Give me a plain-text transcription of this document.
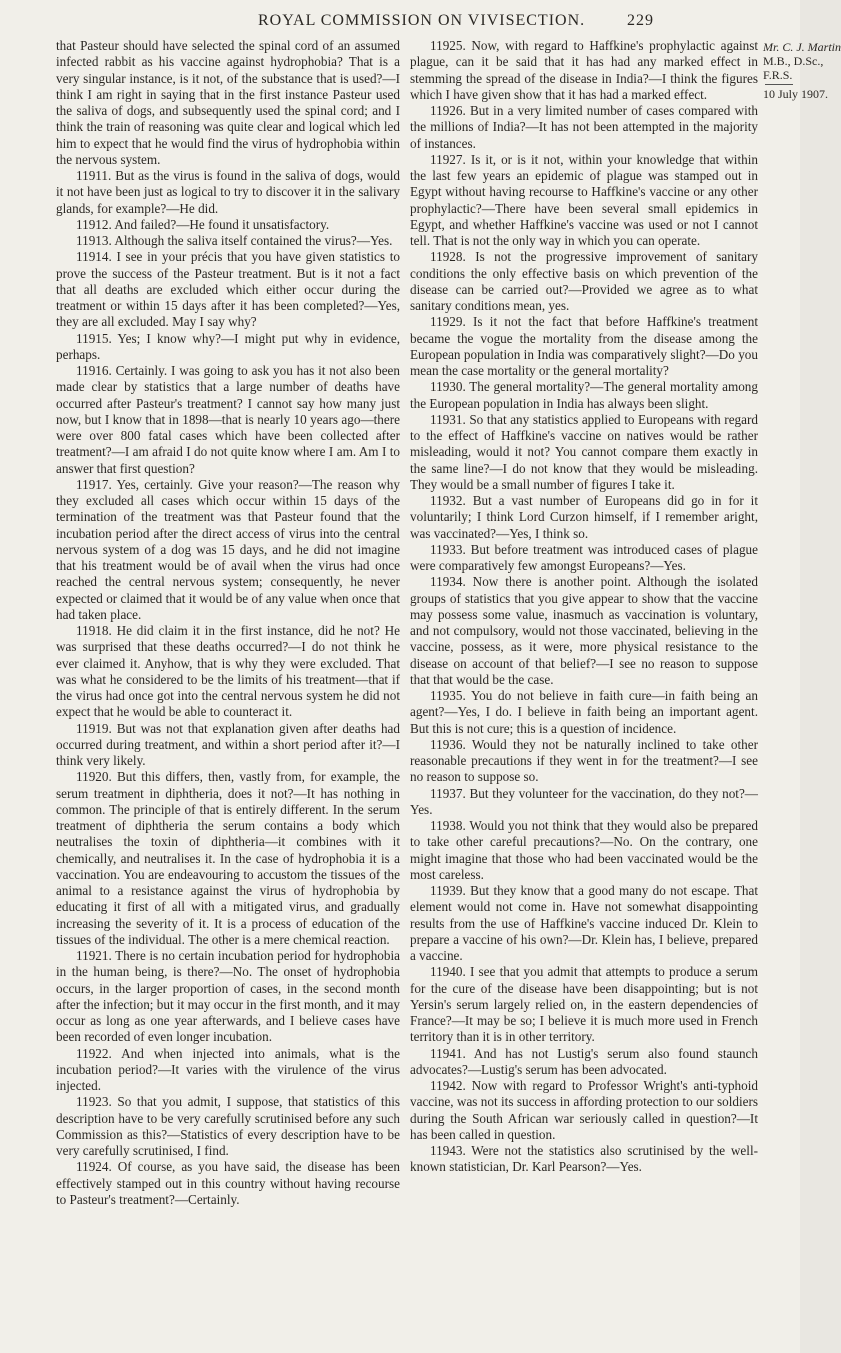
ROYAL COMMISSION ON VIVISECTION.	229

that Pasteur should have selected the spinal cord of an assumed infected rabbit as his vaccine against hydrophobia? That is a very singular instance, is it not, of the substance that is used?—I think I am right in saying that in the first instance Pasteur used the saliva of dogs, and subsequently used the spinal cord; and I think the train of reasoning was quite clear and logical which led him to expect that he would find the virus of hydrophobia within the nervous system.

11911. But as the virus is found in the saliva of dogs, would it not have been just as logical to try to discover it in the salivary glands, for example?—He did.

11912. And failed?—He found it unsatisfactory.

11913. Although the saliva itself contained the virus?—Yes.

11914. I see in your précis that you have given statistics to prove the success of the Pasteur treatment. But is it not a fact that all deaths are excluded which either occur during the treatment or within 15 days after it has been completed?—Yes, they are all excluded. May I say why?

11915. Yes; I know why?—I might put why in evidence, perhaps.

11916. Certainly. I was going to ask you has it not also been made clear by statistics that a large number of deaths have occurred after Pasteur's treatment? I cannot say how many just now, but I know that in 1898—that is nearly 10 years ago—there were over 800 fatal cases which have been collected after treatment?—I am afraid I do not quite know where I am. Am I to answer that first question?

11917. Yes, certainly. Give your reason?—The reason why they excluded all cases which occur within 15 days of the termination of the treatment was that Pasteur found that the incubation period after the direct access of virus into the central nervous system of a dog was 15 days, and he did not imagine that his treatment would be of avail when the virus had once reached the central nervous system; consequently, he never expected or claimed that it would be of any value when once that had taken place.

11918. He did claim it in the first instance, did he not? He was surprised that these deaths occurred?—I do not think he ever claimed it. Anyhow, that is why they were excluded. That was what he considered to be the limits of his treatment—that if the virus had once got into the central nervous system he did not expect that he would be able to counteract it.

11919. But was not that explanation given after deaths had occurred during treatment, and within a short period after it?—I think very likely.

11920. But this differs, then, vastly from, for example, the serum treatment in diphtheria, does it not?—It has nothing in common. The principle of that is entirely different. In the serum treatment of diphtheria the serum contains a body which neutralises the toxin of diphtheria—it combines with it chemically, and neutralises it. In the case of hydrophobia it is a vaccination. You are endeavouring to accustom the tissues of the animal to a resistance against the virus of hydrophobia by educating it first of all with a mitigated virus, and gradually increasing the severity of it. It is a process of education of the tissues of the individual. The other is a mere chemical reaction.

11921. There is no certain incubation period for hydrophobia in the human being, is there?—No. The onset of hydrophobia occurs, in the larger proportion of cases, in the second month after the infection; but it may occur in the first month, and it may occur as long as one year afterwards, and I believe cases have been recorded of even longer incubation.

11922. And when injected into animals, what is the incubation period?—It varies with the virulence of the virus injected.

11923. So that you admit, I suppose, that statistics of this description have to be very carefully scrutinised before any such Commission as this?—Statistics of every description have to be very carefully scrutinised, I find.

11924. Of course, as you have said, the disease has been effectively stamped out in this country without having recourse to Pasteur's treatment?—Certainly.

11925. Now, with regard to Haffkine's prophylactic against plague, can it be said that it has had any marked effect in stemming the spread of the disease in India?—I think the figures which I have given show that it has had a marked effect.

11926. But in a very limited number of cases compared with the millions of India?—It has not been attempted in the majority of instances.

11927. Is it, or is it not, within your knowledge that within the last few years an epidemic of plague was stamped out in Egypt without having recourse to Haffkine's vaccine or any other prophylactic?—There have been several small epidemics in Egypt, and whether Haffkine's vaccine was used or not I cannot tell. That is not the only way in which you can operate.

11928. Is not the progressive improvement of sanitary conditions the only effective basis on which prevention of the disease can be carried out?—Provided we agree as to what sanitary conditions mean, yes.

11929. Is it not the fact that before Haffkine's treatment became the vogue the mortality from the disease among the European population in India was comparatively slight?—Do you mean the case mortality or the general mortality?

11930. The general mortality?—The general mortality among the European population in India has always been slight.

11931. So that any statistics applied to Europeans with regard to the effect of Haffkine's vaccine on natives would be rather misleading, would it not? You cannot compare them exactly in the same line?—I do not know that they would be misleading. They would be a small number of figures I take it.

11932. But a vast number of Europeans did go in for it voluntarily; I think Lord Curzon himself, if I remember aright, was vaccinated?—Yes, I think so.

11933. But before treatment was introduced cases of plague were comparatively few amongst Europeans?—Yes.

11934. Now there is another point. Although the isolated groups of statistics that you give appear to show that the vaccine may possess some value, inasmuch as vaccination is voluntary, and not compulsory, would not those vaccinated, believing in the vaccine, possess, as it were, more physical resistance to the disease on account of that belief?—I see no reason to suppose that that would be the case.

11935. You do not believe in faith cure—in faith being an agent?—Yes, I do. I believe in faith being an important agent. But this is not cure; this is a question of incidence.

11936. Would they not be naturally inclined to take other reasonable precautions if they went in for the treatment?—I see no reason to suppose so.

11937. But they volunteer for the vaccination, do they not?—Yes.

11938. Would you not think that they would also be prepared to take other careful precautions?—No. On the contrary, one might imagine that those who had been vaccinated would be the most careless.

11939. But they know that a good many do not escape. That element would not come in. Have not somewhat disappointing results from the use of Haffkine's vaccine induced Dr. Klein to prepare a vaccine of his own?—Dr. Klein has, I believe, prepared a vaccine.

11940. I see that you admit that attempts to produce a serum for the cure of the disease have been disappointing; but is not Yersin's serum largely relied on, in the eastern dependencies of France?—It may be so; I believe it is much more used in French territory than it is in other territory.

11941. And has not Lustig's serum also found staunch advocates?—Lustig's serum has been advocated.

11942. Now with regard to Professor Wright's anti-typhoid vaccine, was not its success in affording protection to our soldiers during the South African war seriously called in question?—It has been called in question.

11943. Were not the statistics also scrutinised by the well-known statistician, Dr. Karl Pearson?—Yes.

Mr. C. J. Martin
M.B., D.Sc.,
F.R.S.
10 July 1907.
